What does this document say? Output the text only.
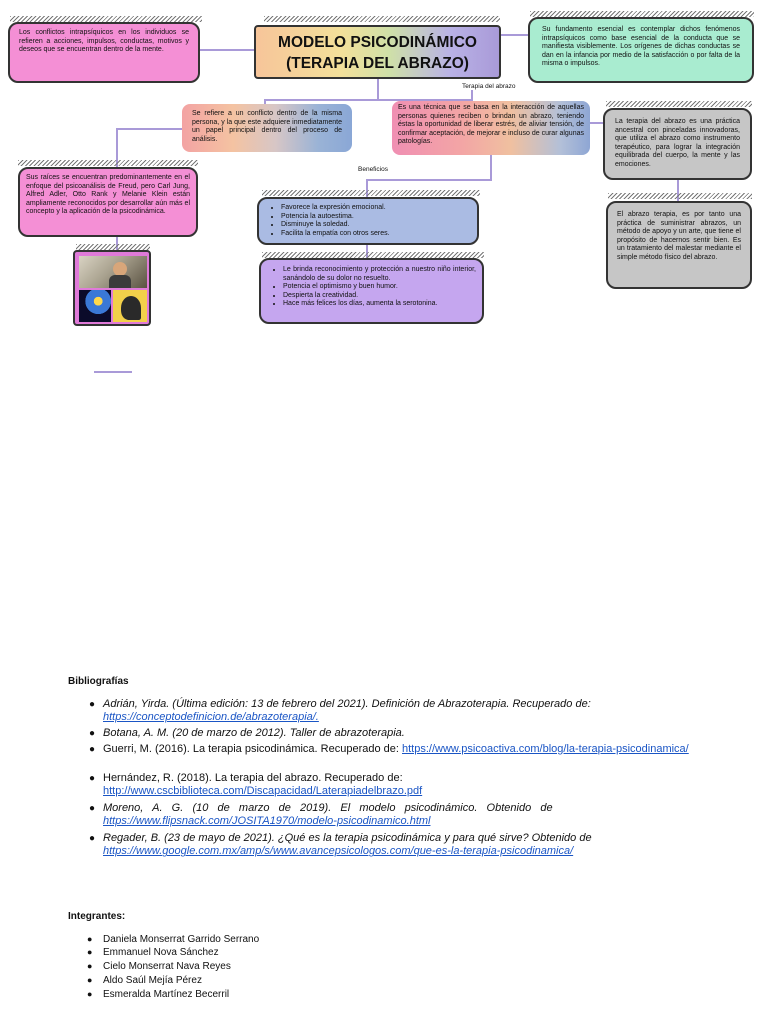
MODELO PSICODINÁMICO
(TERAPIA DEL ABRAZO)
Los conflictos intrapsíquicos en los individuos se refieren a acciones, impulsos, conductas, motivos y deseos que se encuentran dentro de la mente.
Su fundamento esencial es contemplar dichos fenómenos intrapsíquicos como base esencial de la conducta que se manifiesta visiblemente. Los orígenes de dichas conductas se dan en la infancia por medio de la satisfacción o por falta de la misma o impulsos.
Terapia del abrazo
Se refiere a un conflicto dentro de la misma persona, y la que este adquiere inmediatamente un papel principal dentro del proceso de análisis.
Es una técnica que se basa en la interacción de aquellas personas quienes reciben o brindan un abrazo, teniendo éstas la oportunidad de liberar estrés, de aliviar tensión, de confirmar aceptación, de mejorar e incluso de curar algunas patologías.
La terapia del abrazo es una práctica ancestral con pinceladas innovadoras, que utiliza el abrazo como instrumento terapéutico, para lograr la integración equilibrada del cuerpo, la mente y las emociones.
Beneficios
Sus raíces se encuentran predominantemente en el enfoque del psicoanálisis de Freud, pero Carl Jung, Alfred Adler, Otto Rank y Melanie Klein están ampliamente reconocidos por desarrollar aún más el concepto y la aplicación de la psicodinámica.
• Favorece la expresión emocional.
• Potencia la autoestima.
• Disminuye la soledad.
• Facilita la empatía con otros seres.
El abrazo terapia, es por tanto una práctica de suministrar abrazos, un método de apoyo y un arte, que tiene el propósito de hacernos sentir bien. Es un tratamiento del malestar mediante el simple método físico del abrazo.
• Le brinda reconocimiento y protección a nuestro niño interior, sanándolo de su dolor no resuelto.
• Potencia el optimismo y buen humor.
• Despierta la creatividad.
• Hace más felices los días, aumenta la serotonina.
Bibliografías
● Adrián, Yirda. (Última edición: 13 de febrero del 2021). Definición de Abrazoterapia. Recuperado de:
https://conceptodefinicion.de/abrazoterapia/.
● Botana, A. M. (20 de marzo de 2012). Taller de abrazoterapia.
● Guerri, M. (2016). La terapia psicodinámica. Recuperado de: https://www.psicoactiva.com/blog/la-terapia-psicodinamica/
● Hernández, R. (2018). La terapia del abrazo. Recuperado de:
http://www.cscbiblioteca.com/Discapacidad/Laterapiadelbrazo.pdf
● Moreno,   A.   G.   (10   de   marzo   de   2019).   El   modelo   psicodinámico.   Obtenido   de
https://www.flipsnack.com/JOSITA1970/modelo-psicodinamico.html
● Regader, B. (23 de mayo de 2021). ¿Qué es la terapia psicodinámica y para qué sirve? Obtenido de
https://www.google.com.mx/amp/s/www.avancepsicologos.com/que-es-la-terapia-psicodinamica/
Integrantes:
● Daniela Monserrat Garrido Serrano
● Emmanuel Nova Sánchez
● Cielo Monserrat Nava Reyes
● Aldo Saúl Mejía Pérez
● Esmeralda Martínez Becerril
